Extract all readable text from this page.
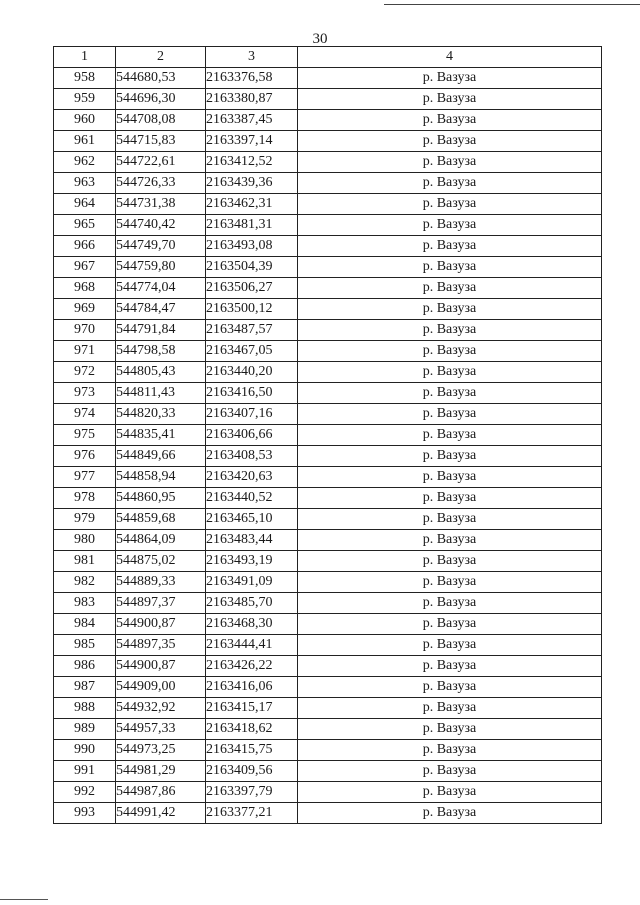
30
1	2	3	4
958	544680,53	2163376,58	р. Вазуза
959	544696,30	2163380,87	р. Вазуза
960	544708,08	2163387,45	р. Вазуза
961	544715,83	2163397,14	р. Вазуза
962	544722,61	2163412,52	р. Вазуза
963	544726,33	2163439,36	р. Вазуза
964	544731,38	2163462,31	р. Вазуза
965	544740,42	2163481,31	р. Вазуза
966	544749,70	2163493,08	р. Вазуза
967	544759,80	2163504,39	р. Вазуза
968	544774,04	2163506,27	р. Вазуза
969	544784,47	2163500,12	р. Вазуза
970	544791,84	2163487,57	р. Вазуза
971	544798,58	2163467,05	р. Вазуза
972	544805,43	2163440,20	р. Вазуза
973	544811,43	2163416,50	р. Вазуза
974	544820,33	2163407,16	р. Вазуза
975	544835,41	2163406,66	р. Вазуза
976	544849,66	2163408,53	р. Вазуза
977	544858,94	2163420,63	р. Вазуза
978	544860,95	2163440,52	р. Вазуза
979	544859,68	2163465,10	р. Вазуза
980	544864,09	2163483,44	р. Вазуза
981	544875,02	2163493,19	р. Вазуза
982	544889,33	2163491,09	р. Вазуза
983	544897,37	2163485,70	р. Вазуза
984	544900,87	2163468,30	р. Вазуза
985	544897,35	2163444,41	р. Вазуза
986	544900,87	2163426,22	р. Вазуза
987	544909,00	2163416,06	р. Вазуза
988	544932,92	2163415,17	р. Вазуза
989	544957,33	2163418,62	р. Вазуза
990	544973,25	2163415,75	р. Вазуза
991	544981,29	2163409,56	р. Вазуза
992	544987,86	2163397,79	р. Вазуза
993	544991,42	2163377,21	р. Вазуза
